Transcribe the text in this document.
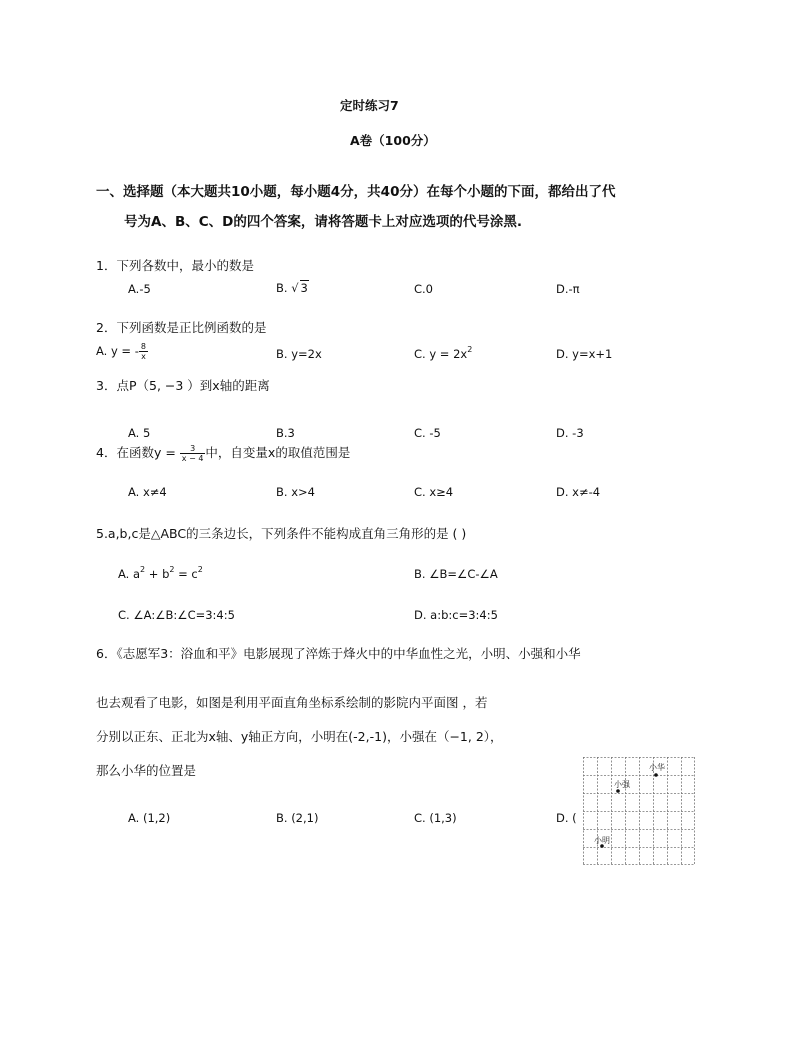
定时练习7
A卷（100分）
一、选择题（本大题共10小题，每小题4分，共40分）在每个小题的下面，都给出了代
号为A、B、C、D的四个答案，请将答题卡上对应选项的代号涂黑.
1．下列各数中，最小的数是
A.-5	B. √ 3	C.0	D.-π
2．下列函数是正比例函数的是
A. y = - $\frac{8}{x}$	B. y=2x	C. $y = 2x^2$	D. y=x+1
3．点P（5, −3 ）到x轴的距离
A. 5	B.3	C. -5	D. -3
4．在函数$y = \frac{3}{x - 4}$ 中，自变量x的取值范围是
A. x≠4	B. x>4	C. x≥4	D. x≠-4
5.a,b,c是△ABC的三条边长，下列条件不能构成直角三角形的是 ( )
A. $a^2 + b^2 = c^2$	B. ∠B=∠C-∠A
C. ∠A:∠B:∠C=3:4:5	D. a:b:c=3:4:5
6．《志愿军3：浴血和平》电影展现了淬炼于烽火中的中华血性之光，小明、小强和小华
也去观看了电影，如图是利用平面直角坐标系绘制的影院内平面图 ，若
分别以正东、正北为x轴、y轴正方向，小明在(-2,-1)，小强在（−1, 2），
那么小华的位置是
A. (1,2)	B. (2,1)	C. (1,3)	D. (
小华
小强
小明
